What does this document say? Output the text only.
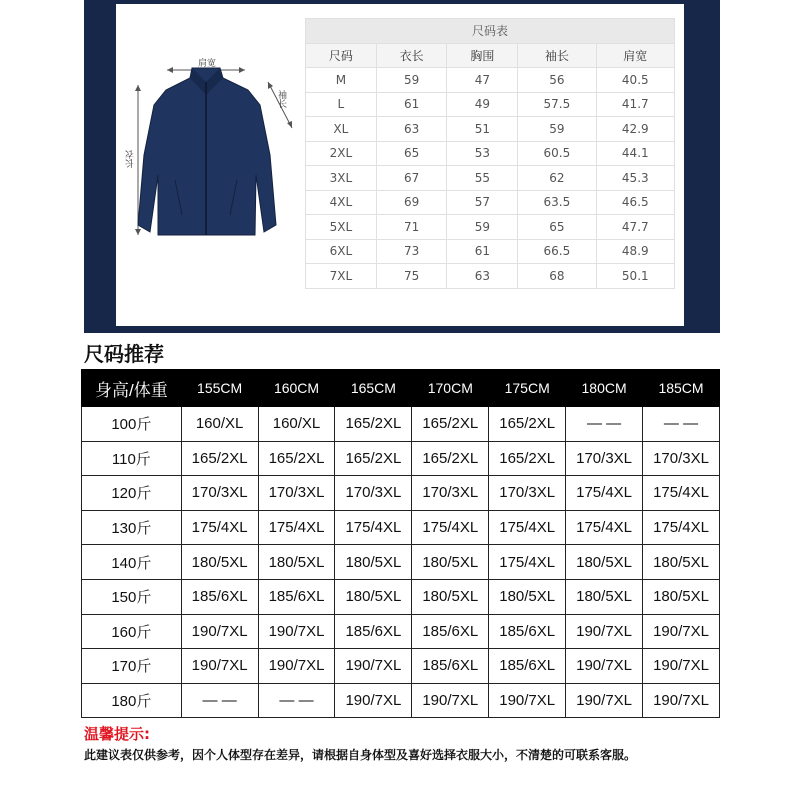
肩宽
长衣
袖长
尺码表				
尺码	衣长	胸围	袖长	肩宽
M	59	47	56	40.5
L	61	49	57.5	41.7
XL	63	51	59	42.9
2XL	65	53	60.5	44.1
3XL	67	55	62	45.3
4XL	69	57	63.5	46.5
5XL	71	59	65	47.7
6XL	73	61	66.5	48.9
7XL	75	63	68	50.1
尺码推荐
身高/体重	155CM	160CM	165CM	170CM	175CM	180CM	185CM
100斤	160/XL	160/XL	165/2XL	165/2XL	165/2XL	— —	— —
110斤	165/2XL	165/2XL	165/2XL	165/2XL	165/2XL	170/3XL	170/3XL
120斤	170/3XL	170/3XL	170/3XL	170/3XL	170/3XL	175/4XL	175/4XL
130斤	175/4XL	175/4XL	175/4XL	175/4XL	175/4XL	175/4XL	175/4XL
140斤	180/5XL	180/5XL	180/5XL	180/5XL	175/4XL	180/5XL	180/5XL
150斤	185/6XL	185/6XL	180/5XL	180/5XL	180/5XL	180/5XL	180/5XL
160斤	190/7XL	190/7XL	185/6XL	185/6XL	185/6XL	190/7XL	190/7XL
170斤	190/7XL	190/7XL	190/7XL	185/6XL	185/6XL	190/7XL	190/7XL
180斤	— —	— —	190/7XL	190/7XL	190/7XL	190/7XL	190/7XL
温馨提示:
此建议表仅供参考，因个人体型存在差异，请根据自身体型及喜好选择衣服大小，不清楚的可联系客服。
